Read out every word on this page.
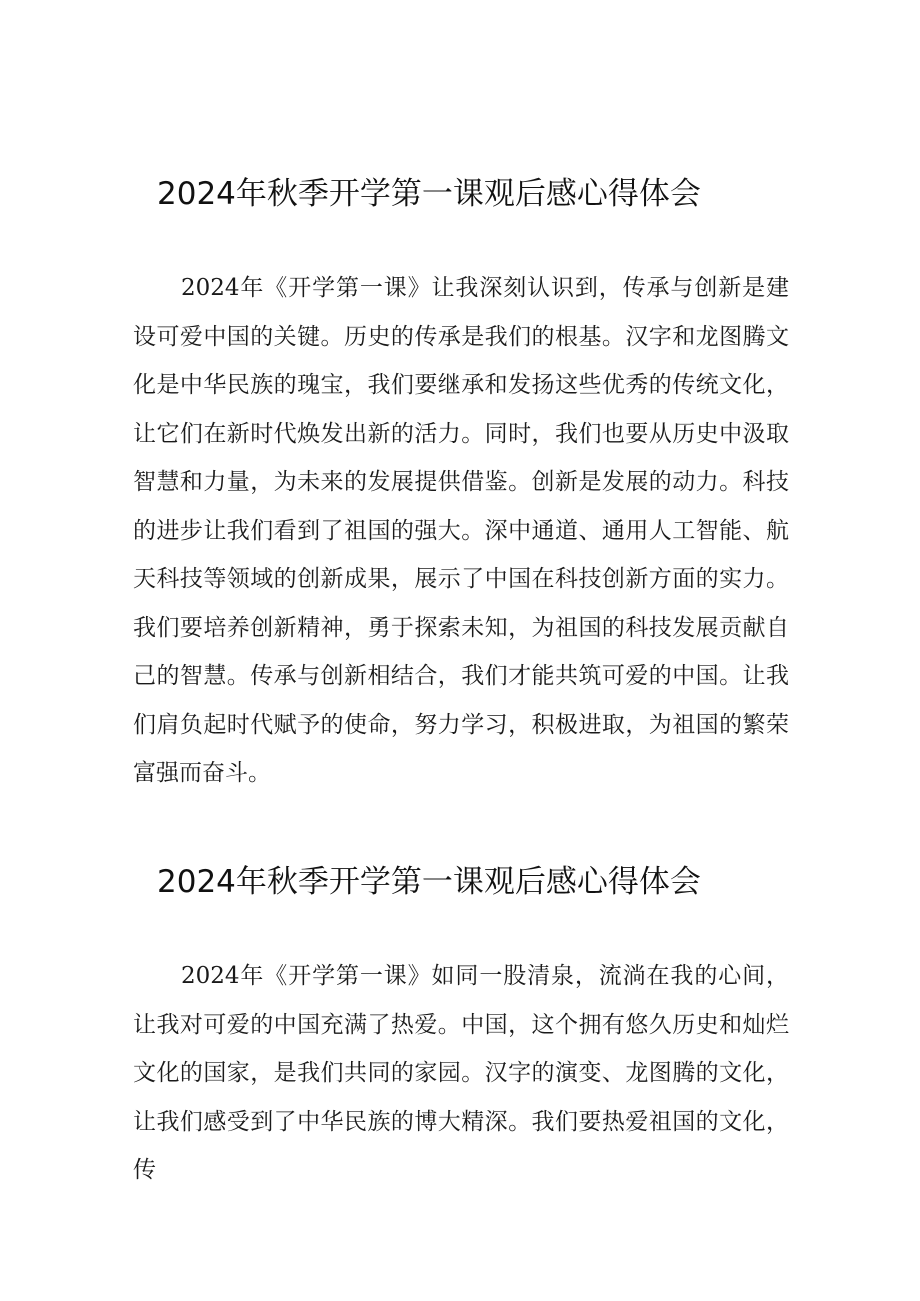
2024年秋季开学第一课观后感心得体会

2024年《开学第一课》让我深刻认识到，传承与创新是建设可爱中国的关键。历史的传承是我们的根基。汉字和龙图腾文化是中华民族的瑰宝，我们要继承和发扬这些优秀的传统文化，让它们在新时代焕发出新的活力。同时，我们也要从历史中汲取智慧和力量，为未来的发展提供借鉴。创新是发展的动力。科技的进步让我们看到了祖国的强大。深中通道、通用人工智能、航天科技等领域的创新成果，展示了中国在科技创新方面的实力。我们要培养创新精神，勇于探索未知，为祖国的科技发展贡献自己的智慧。传承与创新相结合，我们才能共筑可爱的中国。让我们肩负起时代赋予的使命，努力学习，积极进取，为祖国的繁荣富强而奋斗。

2024年秋季开学第一课观后感心得体会

2024年《开学第一课》如同一股清泉，流淌在我的心间，让我对可爱的中国充满了热爱。中国，这个拥有悠久历史和灿烂文化的国家，是我们共同的家园。汉字的演变、龙图腾的文化，让我们感受到了中华民族的博大精深。我们要热爱祖国的文化，传
